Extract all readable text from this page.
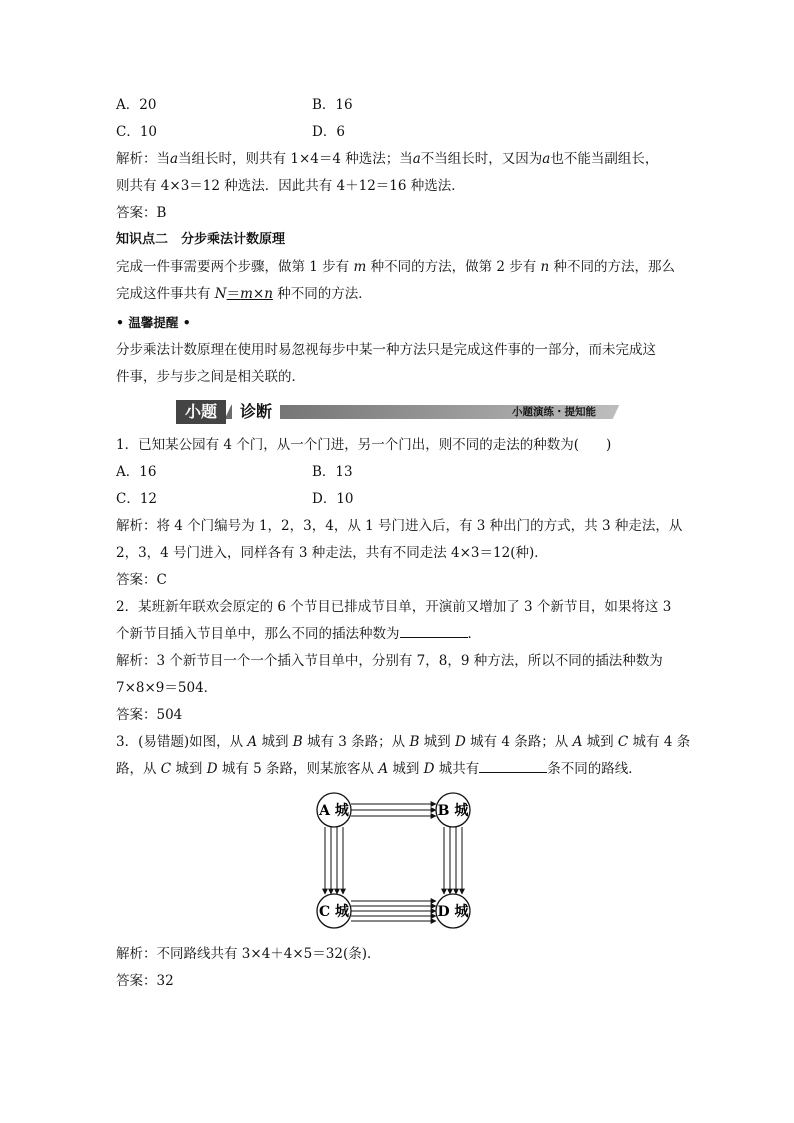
A．20	B．16
C．10	D．6
解析：当a当组长时，则共有 1×4＝4 种选法；当a不当组长时，又因为a也不能当副组长，
则共有 4×3＝12 种选法．因此共有 4＋12＝16 种选法．
答案：B
知识点二　分步乘法计数原理
完成一件事需要两个步骤，做第 1 步有 m 种不同的方法，做第 2 步有 n 种不同的方法，那么
完成这件事共有 N＝m×n 种不同的方法．
• 温馨提醒 •
分步乘法计数原理在使用时易忽视每步中某一种方法只是完成这件事的一部分，而未完成这
件事，步与步之间是相关联的．
小题	诊断	小题演练・提知能
1．已知某公园有 4 个门，从一个门进，另一个门出，则不同的走法的种数为(　　)
A．16	B．13
C．12	D．10
解析：将 4 个门编号为 1，2，3，4，从 1 号门进入后，有 3 种出门的方式，共 3 种走法，从
2，3，4 号门进入，同样各有 3 种走法，共有不同走法 4×3＝12(种)．
答案：C
2．某班新年联欢会原定的 6 个节目已排成节目单，开演前又增加了 3 个新节目，如果将这 3
个新节目插入节目单中，那么不同的插法种数为	．
解析：3 个新节目一个一个插入节目单中，分别有 7，8，9 种方法，所以不同的插法种数为
7×8×9＝504．
答案：504
3．(易错题)如图，从 A 城到 B 城有 3 条路；从 B 城到 D 城有 4 条路；从 A 城到 C 城有 4 条
路，从 C 城到 D 城有 5 条路，则某旅客从 A 城到 D 城共有	条不同的路线．
A 城	B 城
C 城	D 城
解析：不同路线共有 3×4＋4×5＝32(条)．
答案：32
